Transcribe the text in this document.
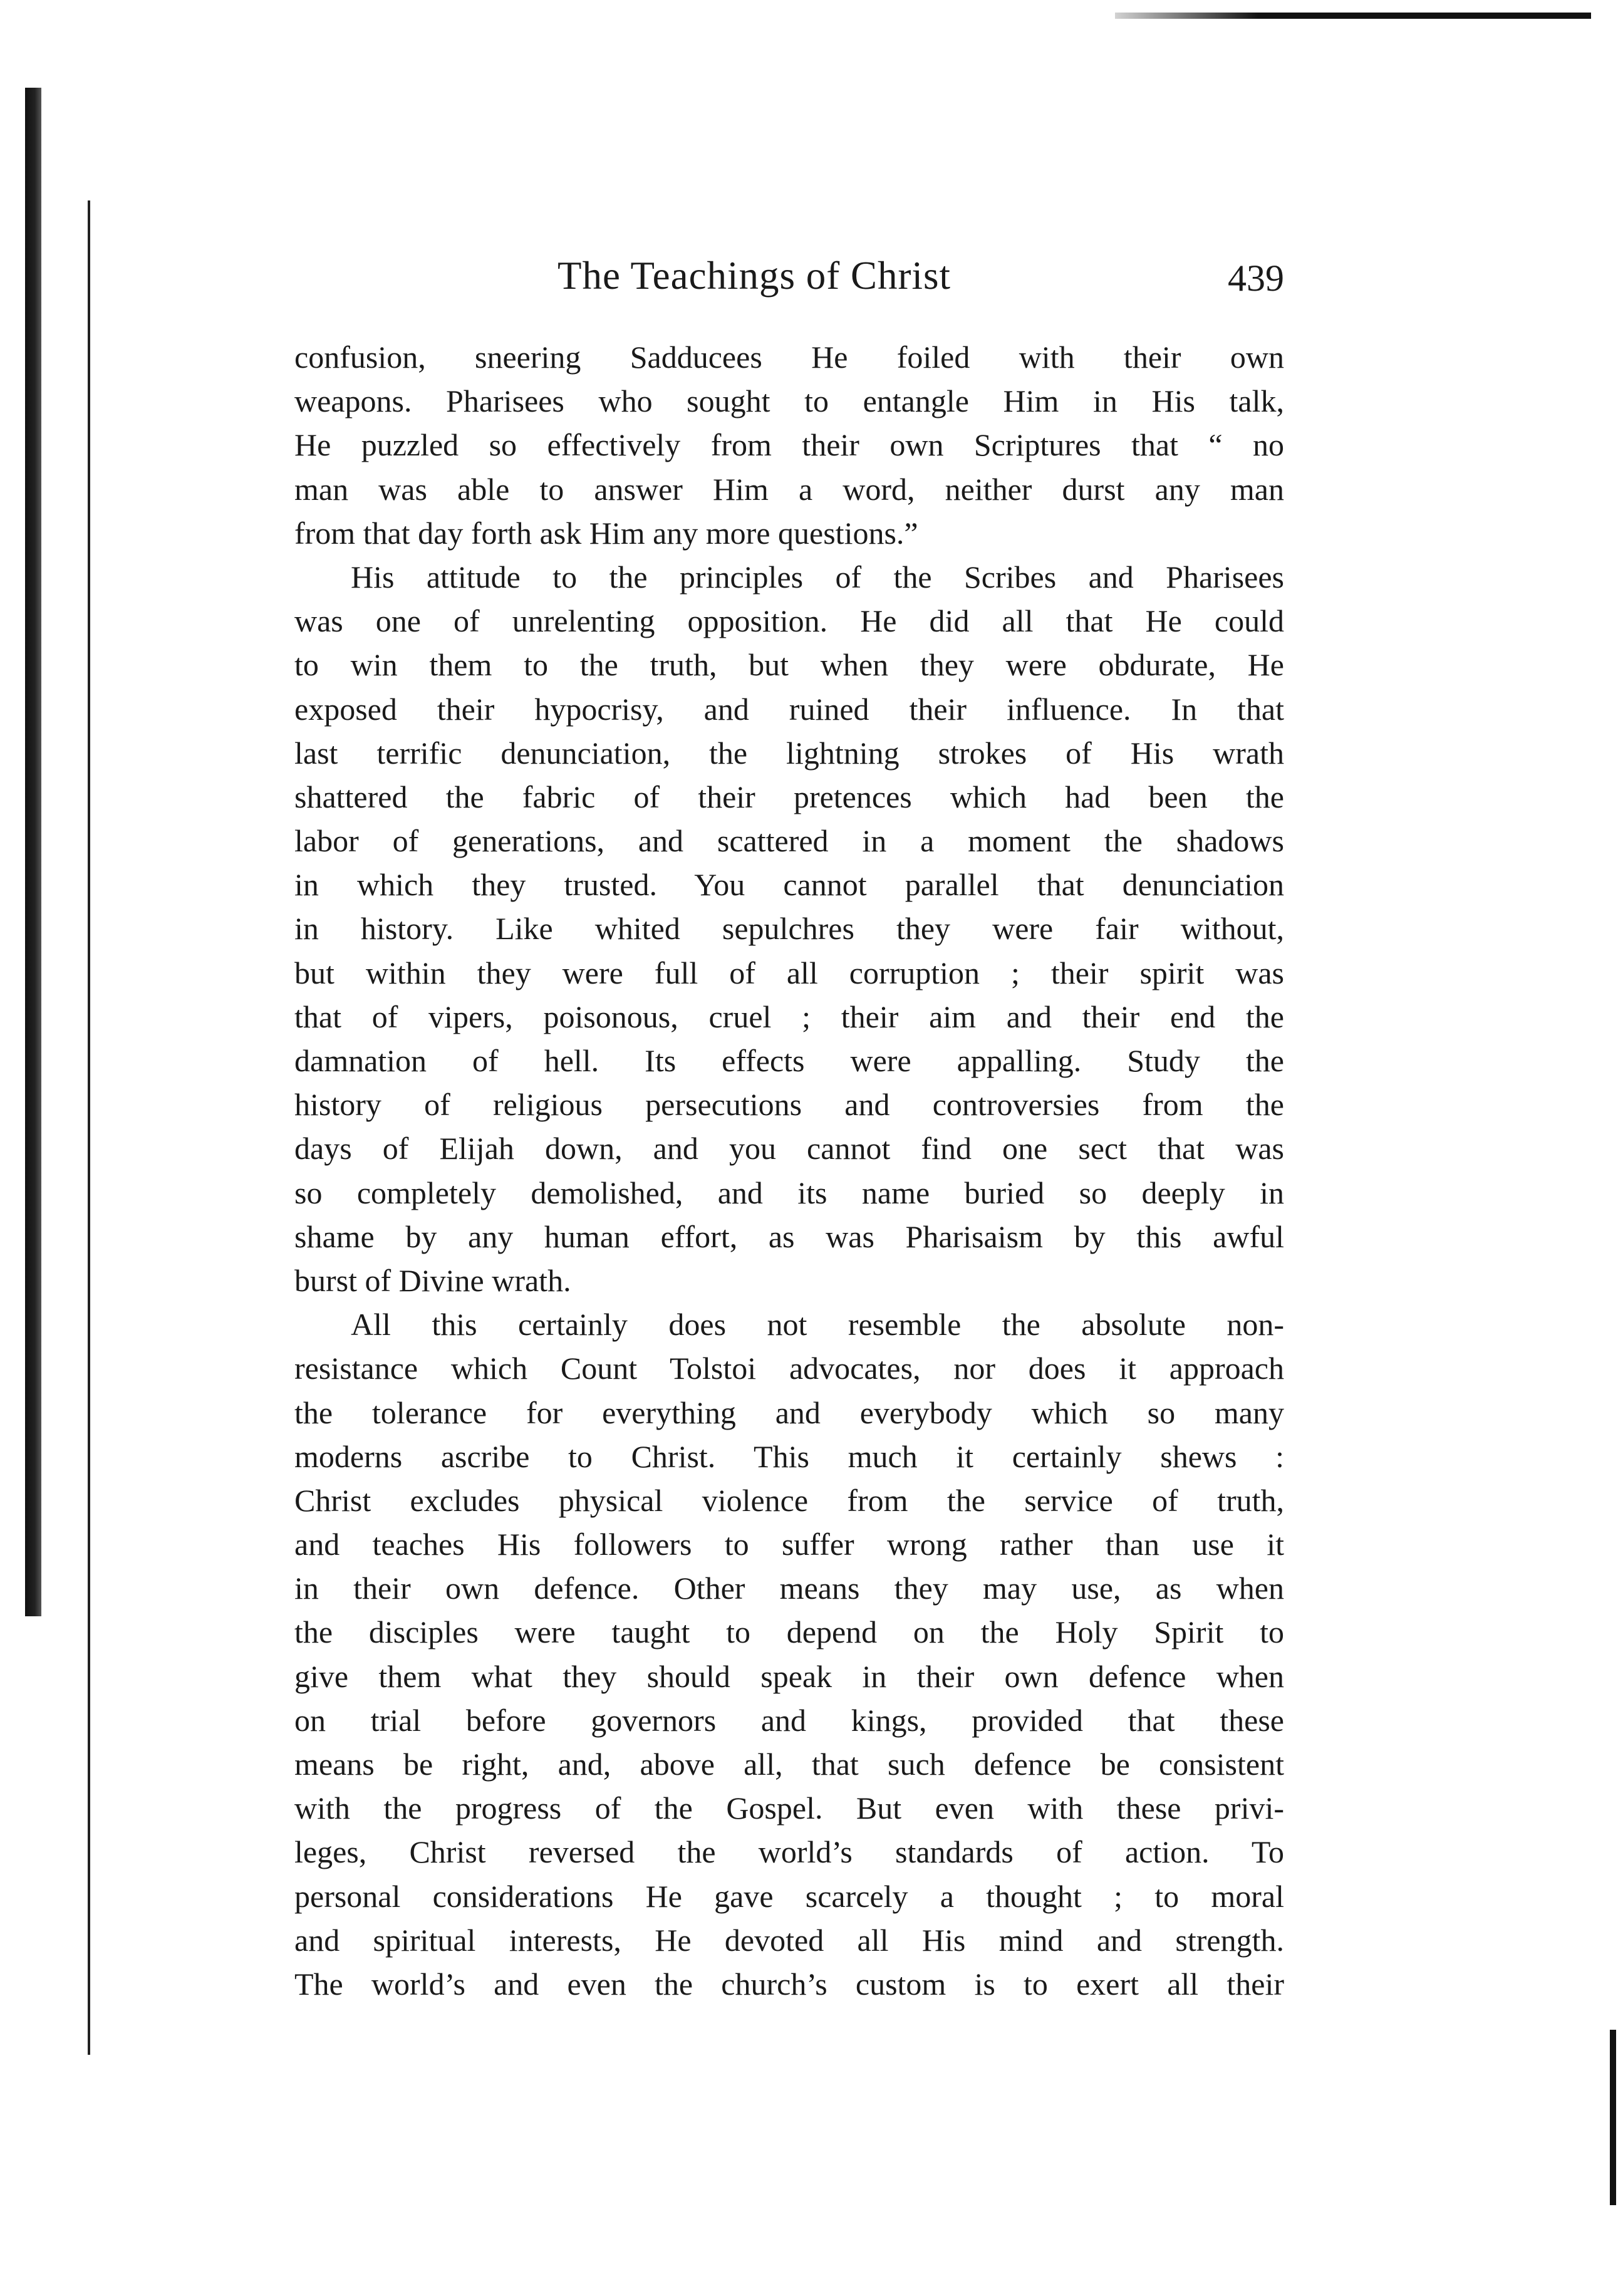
The Teachings of Christ	439
confusion, sneering Sadducees He foiled with their own
weapons. Pharisees who sought to entangle Him in His talk,
He puzzled so effectively from their own Scriptures that “ no
man was able to answer Him a word, neither durst any man
from that day forth ask Him any more questions.”
His attitude to the principles of the Scribes and Pharisees
was one of unrelenting opposition. He did all that He could
to win them to the truth, but when they were obdurate, He
exposed their hypocrisy, and ruined their influence. In that
last terrific denunciation, the lightning strokes of His wrath
shattered the fabric of their pretences which had been the
labor of generations, and scattered in a moment the shadows
in which they trusted. You cannot parallel that denunciation
in history. Like whited sepulchres they were fair without,
but within they were full of all corruption ; their spirit was
that of vipers, poisonous, cruel ; their aim and their end the
damnation of hell. Its effects were appalling. Study the
history of religious persecutions and controversies from the
days of Elijah down, and you cannot find one sect that was
so completely demolished, and its name buried so deeply in
shame by any human effort, as was Pharisaism by this awful
burst of Divine wrath.
All this certainly does not resemble the absolute non-
resistance which Count Tolstoi advocates, nor does it approach
the tolerance for everything and everybody which so many
moderns ascribe to Christ. This much it certainly shews :
Christ excludes physical violence from the service of truth,
and teaches His followers to suffer wrong rather than use it
in their own defence. Other means they may use, as when
the disciples were taught to depend on the Holy Spirit to
give them what they should speak in their own defence when
on trial before governors and kings, provided that these
means be right, and, above all, that such defence be consistent
with the progress of the Gospel. But even with these privi-
leges, Christ reversed the world’s standards of action. To
personal considerations He gave scarcely a thought ; to moral
and spiritual interests, He devoted all His mind and strength.
The world’s and even the church’s custom is to exert all their
